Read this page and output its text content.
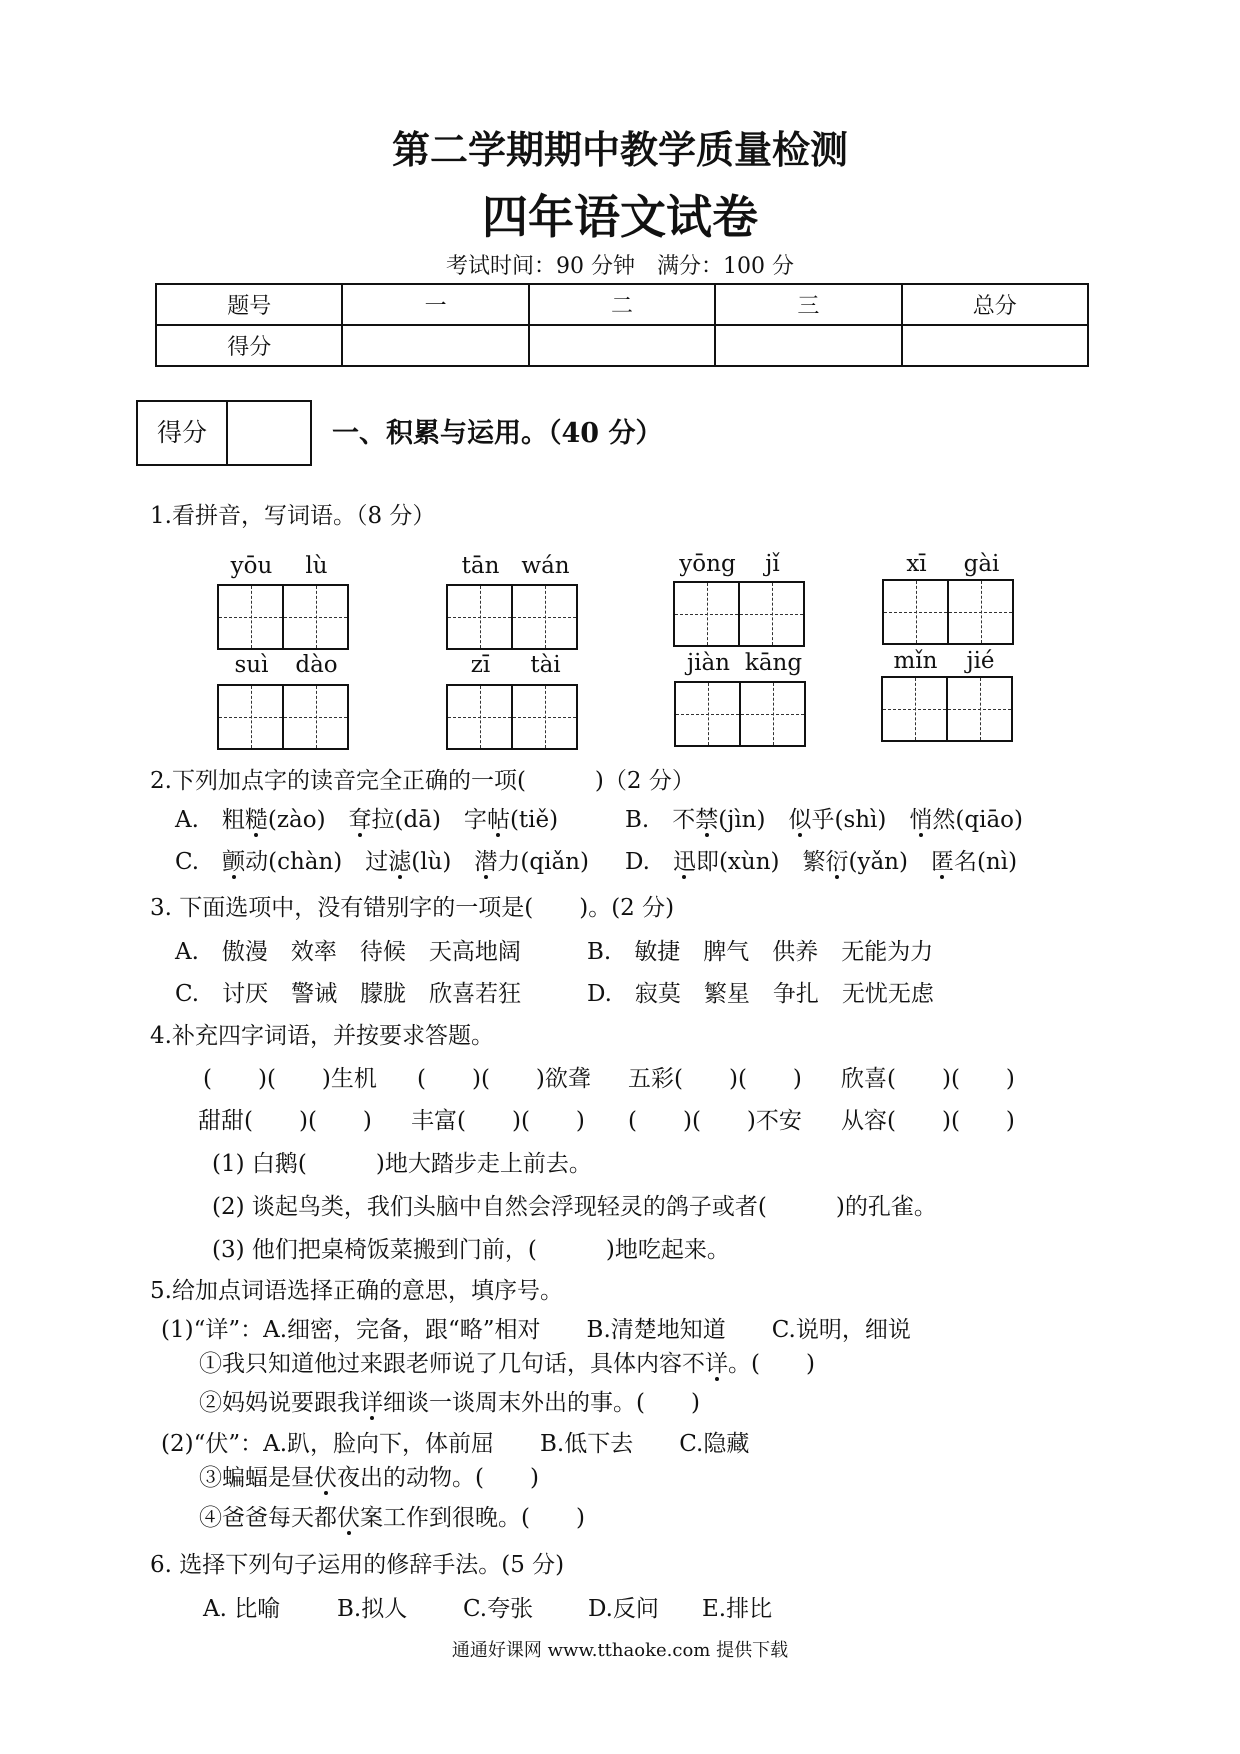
第二学期期中教学质量检测
四年语文试卷
考试时间：90 分钟　满分：100 分
题号	一	二	三	总分
得分				
得分	一、积累与运用。（40 分）
1.看拼音，写词语。（8 分）
yōu	lù	tān wán	yōng	jǐ	xī	gài
suì	dào	zī	tài	jiàn kāng	mǐn	jié
2.下列加点字的读音完全正确的一项(　　　)（2 分）
A.　粗糙(zào)　耷拉(dā)　字帖(tiě)	B.　不禁(jìn)　似乎(shì)　悄然(qiāo)
C.　颤动(chàn)　过滤(lù)　潜力(qiǎn) D.　迅即(xùn)　繁衍(yǎn)　匿名(nì)
3. 下面选项中，没有错别字的一项是(　　)。(2 分)
A.　傲漫　效率　待候　天高地阔	B.　敏捷　脾气　供养　无能为力
C.　讨厌　警诫　朦胧　欣喜若狂	D.　寂莫　繁星　争扎　无忧无虑
4.补充四字词语，并按要求答题。
(　　)(　　)生机 (　　)(　　)欲聋 五彩(　　)(　　) 欣喜(　　)(　　)
甜甜(　　)(　　) 丰富(　　)(　　) (　　)(　　)不安 从容(　　)(　　)
(1) 白鹅(　　　)地大踏步走上前去。
(2) 谈起鸟类，我们头脑中自然会浮现轻灵的鸽子或者(　　　)的孔雀。
(3) 他们把桌椅饭菜搬到门前，(　　　)地吃起来。
5.给加点词语选择正确的意思，填序号。
(1)“详”：A.细密，完备，跟“略”相对 B.清楚地知道 C.说明，细说
①我只知道他过来跟老师说了几句话，具体内容不详。(　　)
②妈妈说要跟我详细谈一谈周末外出的事。(　　)
(2)“伏”：A.趴，脸向下，体前屈 B.低下去 C.隐藏
③蝙蝠是昼伏夜出的动物。(　　)
④爸爸每天都伏案工作到很晚。(　　)
6. 选择下列句子运用的修辞手法。(5 分)
A. 比喻 B.拟人 C.夸张 D.反问 E.排比
通通好课网 www.tthaoke.com 提供下载
